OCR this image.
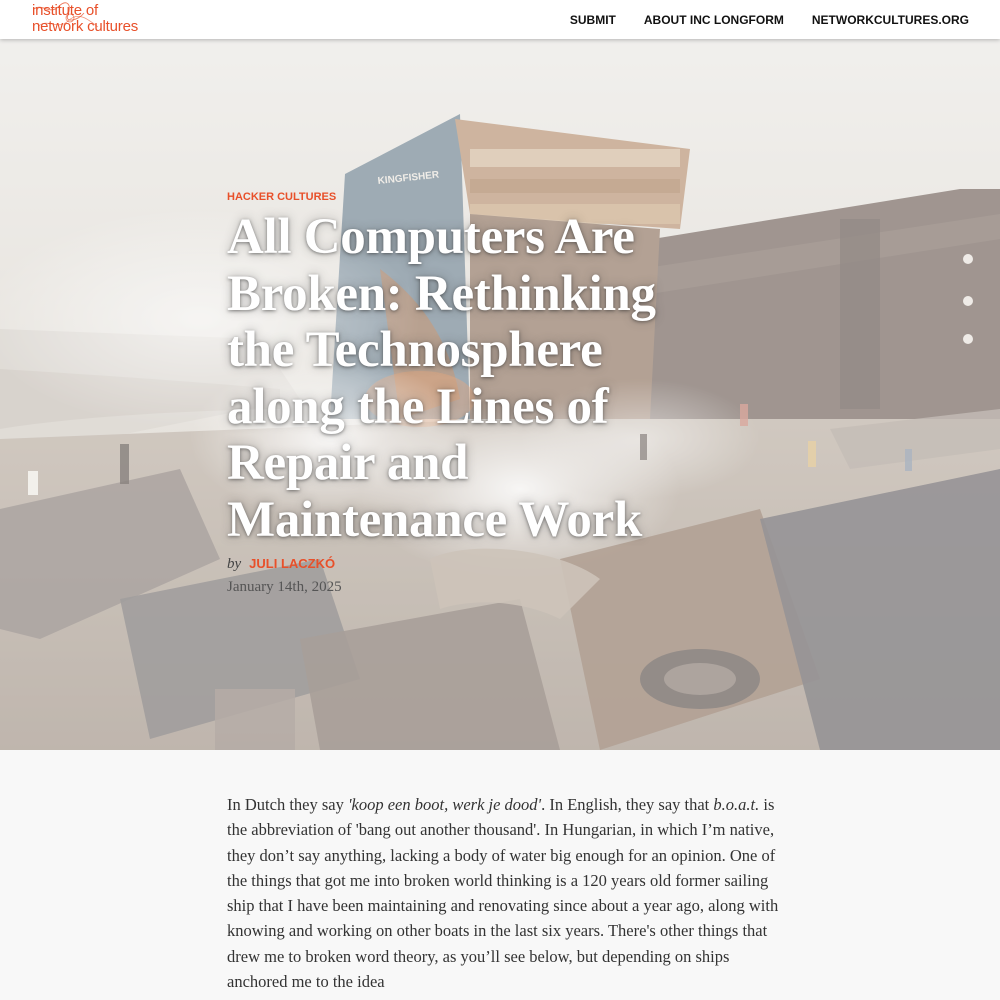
institute of
network cultures	SUBMIT ABOUT INC LONGFORM NETWORKCULTURES.ORG
KINGFISHER
HACKER CULTURES
All Computers Are Broken: Rethinking the Technosphere along the Lines of Repair and Maintenance Work
by JULI LACZKÓ
January 14th, 2025

In Dutch they say 'koop een boot, werk je dood'. In English, they say that b.o.a.t. is the abbreviation of 'bang out another thousand'. In Hungarian, in which I’m native, they don’t say anything, lacking a body of water big enough for an opinion. One of the things that got me into broken world thinking is a 120 years old former sailing ship that I have been maintaining and renovating since about a year ago, along with knowing and working on other boats in the last six years. There's other things that drew me to broken word theory, as you’ll see below, but depending on ships anchored me to the idea
